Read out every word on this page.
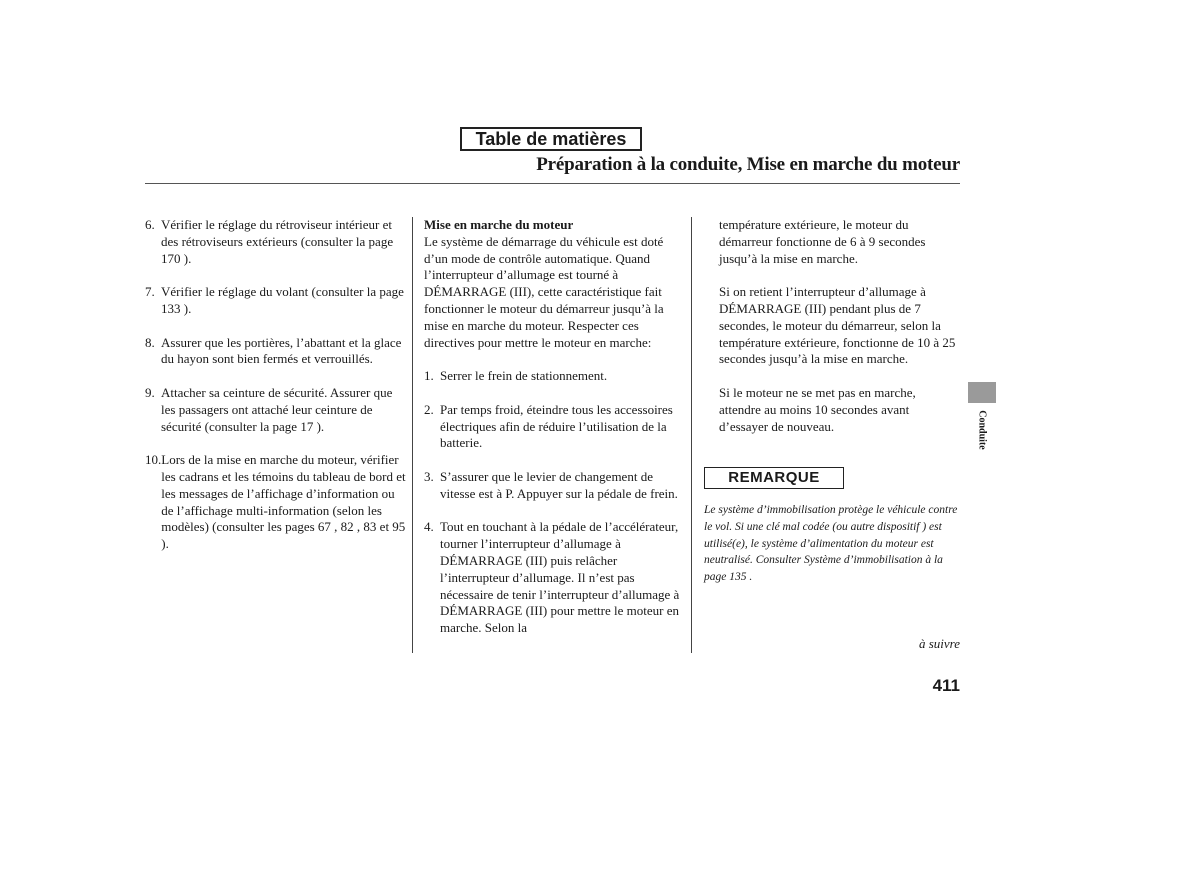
Table de matières
Préparation à la conduite, Mise en marche du moteur
6. Vérifier le réglage du rétroviseur intérieur et des rétroviseurs extérieurs (consulter la page 170 ).
7. Vérifier le réglage du volant (consulter la page 133 ).
8. Assurer que les portières, l’abattant et la glace du hayon sont bien fermés et verrouillés.
9. Attacher sa ceinture de sécurité. Assurer que les passagers ont attaché leur ceinture de sécurité (consulter la page 17 ).
10. Lors de la mise en marche du moteur, vérifier les cadrans et les témoins du tableau de bord et les messages de l’affichage d’information ou de l’affichage multi-information (selon les modèles) (consulter les pages 67 , 82 , 83 et 95 ).

Mise en marche du moteur

Le système de démarrage du véhicule est doté d’un mode de contrôle automatique. Quand l’interrupteur d’allumage est tourné à DÉMARRAGE (III), cette caractéristique fait fonctionner le moteur du démarreur jusqu’à la mise en marche du moteur. Respecter ces directives pour mettre le moteur en marche:

1. Serrer le frein de stationnement.
2. Par temps froid, éteindre tous les accessoires électriques afin de réduire l’utilisation de la batterie.
3. S’assurer que le levier de changement de vitesse est à P. Appuyer sur la pédale de frein.
4. Tout en touchant à la pédale de l’accélérateur, tourner l’interrupteur d’allumage à DÉMARRAGE (III) puis relâcher l’interrupteur d’allumage. Il n’est pas nécessaire de tenir l’interrupteur d’allumage à DÉMARRAGE (III) pour mettre le moteur en marche. Selon la

température extérieure, le moteur du démarreur fonctionne de 6 à 9 secondes jusqu’à la mise en marche.

Si on retient l’interrupteur d’allumage à DÉMARRAGE (III) pendant plus de 7 secondes, le moteur du démarreur, selon la température extérieure, fonctionne de 10 à 25 secondes jusqu’à la mise en marche.

Si le moteur ne se met pas en marche, attendre au moins 10 secondes avant d’essayer de nouveau.

REMARQUE
Le système d’immobilisation protège le véhicule contre le vol. Si une clé mal codée (ou autre dispositif ) est utilisé(e), le système d’alimentation du moteur est neutralisé. Consulter Système d’immobilisation à la page 135 .
à suivre
411
Conduite
